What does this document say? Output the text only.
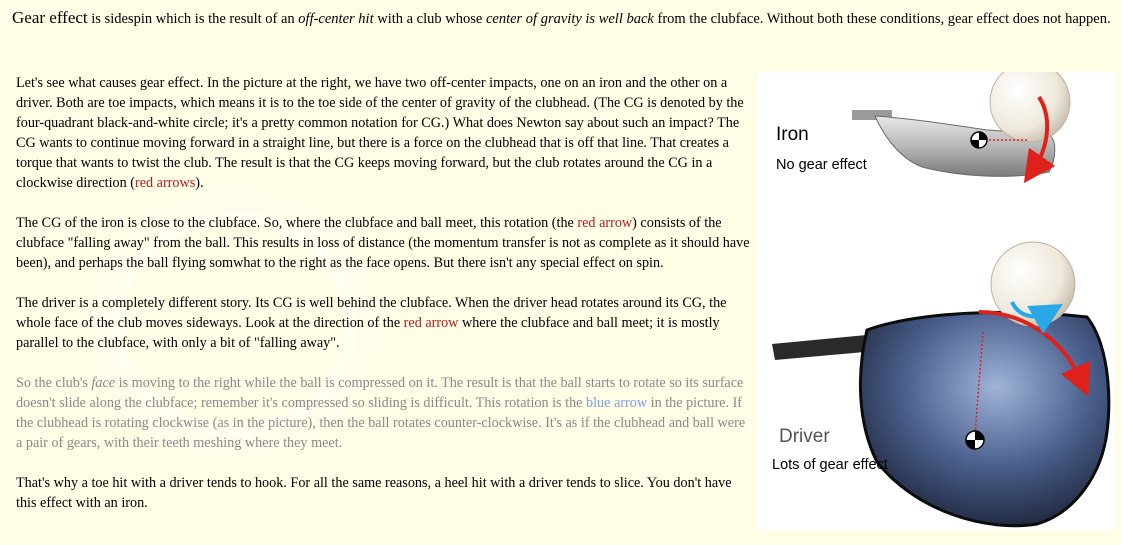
Gear effect is sidespin which is the result of an off-center hit with a club whose center of gravity is well back from the clubface. Without both these conditions, gear effect does not happen.

Let's see what causes gear effect. In the picture at the right, we have two off-center impacts, one on an iron and the other on a driver. Both are toe impacts, which means it is to the toe side of the center of gravity of the clubhead. (The CG is denoted by the four-quadrant black-and-white circle; it's a pretty common notation for CG.) What does Newton say about such an impact? The CG wants to continue moving forward in a straight line, but there is a force on the clubhead that is off that line. That creates a torque that wants to twist the club. The result is that the CG keeps moving forward, but the club rotates around the CG in a clockwise direction (red arrows).

The CG of the iron is close to the clubface. So, where the clubface and ball meet, this rotation (the red arrow) consists of the clubface "falling away" from the ball. This results in loss of distance (the momentum transfer is not as complete as it should have been), and perhaps the ball flying somwhat to the right as the face opens. But there isn't any special effect on spin.

The driver is a completely different story. Its CG is well behind the clubface. When the driver head rotates around its CG, the whole face of the club moves sideways. Look at the direction of the red arrow where the clubface and ball meet; it is mostly parallel to the clubface, with only a bit of "falling away".

So the club's face is moving to the right while the ball is compressed on it. The result is that the ball starts to rotate so its surface doesn't slide along the clubface; remember it's compressed so sliding is difficult. This rotation is the blue arrow in the picture. If the clubhead is rotating clockwise (as in the picture), then the ball rotates counter-clockwise. It's as if the clubhead and ball were a pair of gears, with their teeth meshing where they meet.

That's why a toe hit with a driver tends to hook. For all the same reasons, a heel hit with a driver tends to slice. You don't have this effect with an iron.

Iron
No gear effect
Driver
Lots of gear effect
